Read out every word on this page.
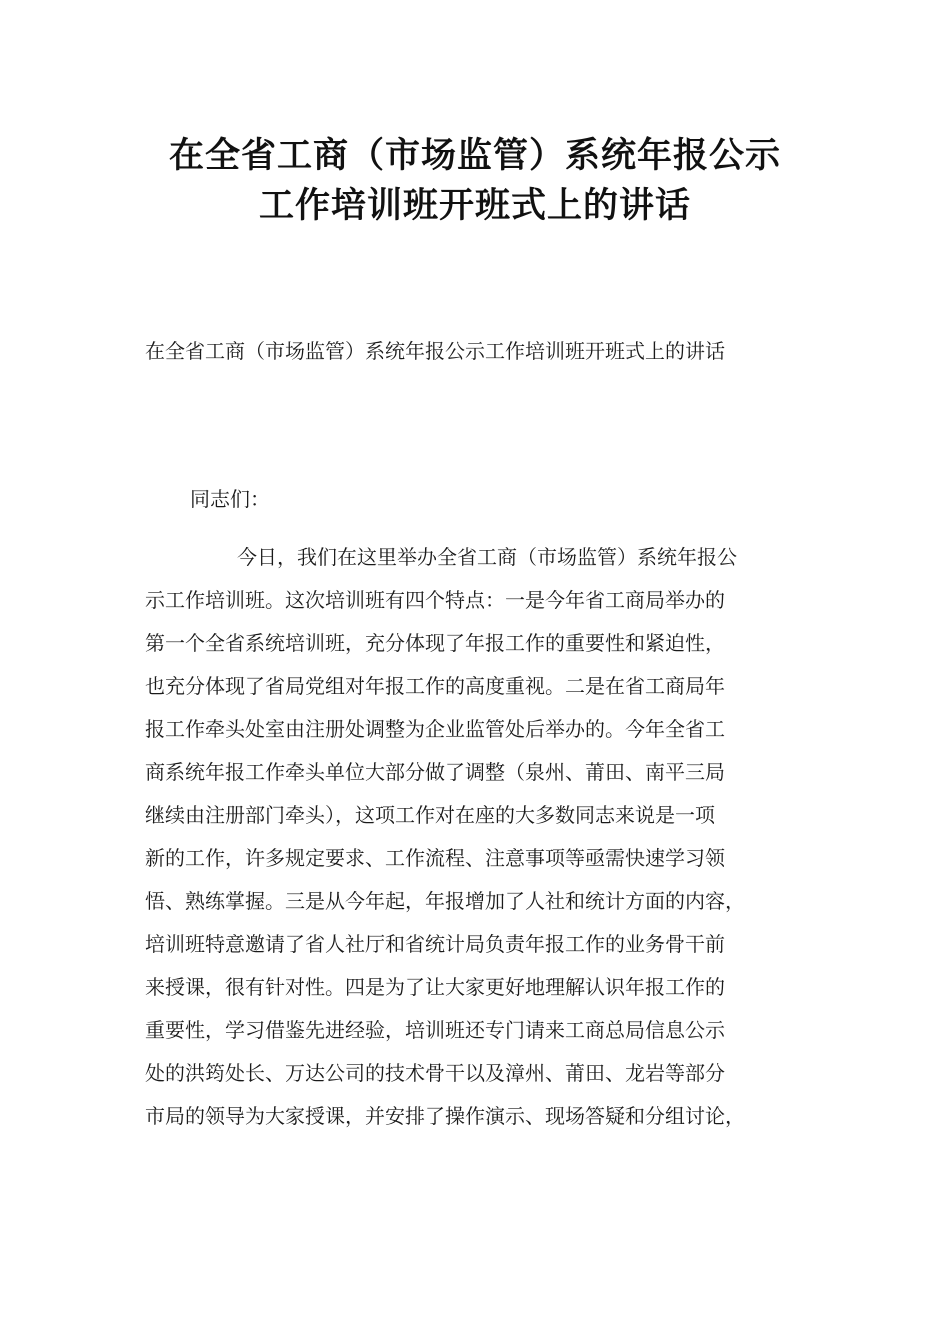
在全省工商（市场监管）系统年报公示
工作培训班开班式上的讲话

在全省工商（市场监管）系统年报公示工作培训班开班式上的讲话

同志们：

今日，我们在这里举办全省工商（市场监管）系统年报公
示工作培训班。这次培训班有四个特点：一是今年省工商局举办的
第一个全省系统培训班，充分体现了年报工作的重要性和紧迫性，
也充分体现了省局党组对年报工作的高度重视。二是在省工商局年
报工作牵头处室由注册处调整为企业监管处后举办的。今年全省工
商系统年报工作牵头单位大部分做了调整（泉州、莆田、南平三局
继续由注册部门牵头），这项工作对在座的大多数同志来说是一项
新的工作，许多规定要求、工作流程、注意事项等亟需快速学习领
悟、熟练掌握。三是从今年起，年报增加了人社和统计方面的内容，
培训班特意邀请了省人社厅和省统计局负责年报工作的业务骨干前
来授课，很有针对性。四是为了让大家更好地理解认识年报工作的
重要性，学习借鉴先进经验，培训班还专门请来工商总局信息公示
处的洪筠处长、万达公司的技术骨干以及漳州、莆田、龙岩等部分
市局的领导为大家授课，并安排了操作演示、现场答疑和分组讨论，
